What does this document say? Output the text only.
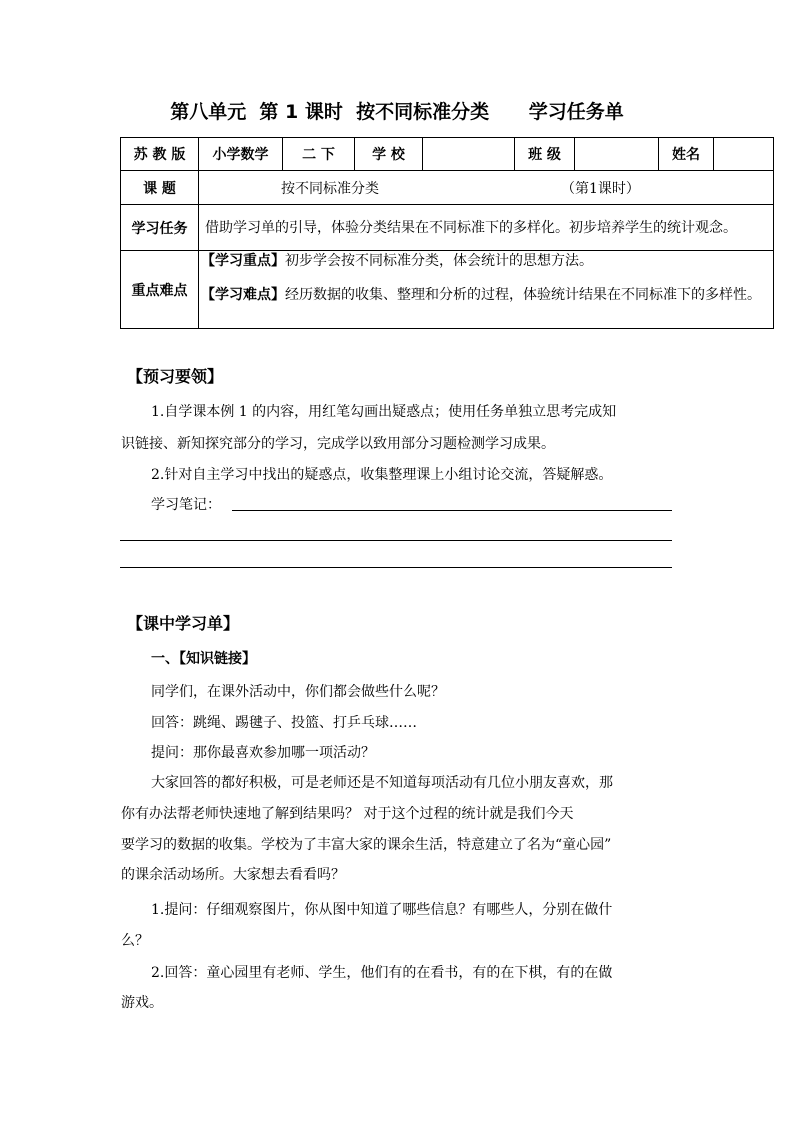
第八单元  第 1 课时  按不同标准分类      学习任务单
苏 教 版	小学数学	二 下	学 校		班 级		姓名	
课 题	按不同标准分类 （第1课时）							
学习任务	借助学习单的引导，体验分类结果在不同标准下的多样化。初步培养学生的统计观念。							
重点难点	【学习重点】初步学会按不同标准分类，体会统计的思想方法。
【学习难点】经历数据的收集、整理和分析的过程，体验统计结果在不同标准下的多样性。							
【预习要领】
1.自学课本例 1 的内容，用红笔勾画出疑惑点；使用任务单独立思考完成知
识链接、新知探究部分的学习，完成学以致用部分习题检测学习成果。
2.针对自主学习中找出的疑惑点，收集整理课上小组讨论交流，答疑解惑。
学习笔记：
【课中学习单】
一、【知识链接】
同学们，在课外活动中，你们都会做些什么呢？
回答：跳绳、踢毽子、投篮、打乒乓球……
提问：那你最喜欢参加哪一项活动？
大家回答的都好积极，可是老师还是不知道每项活动有几位小朋友喜欢，那
你有办法帮老师快速地了解到结果吗？ 对于这个过程的统计就是我们今天
要学习的数据的收集。学校为了丰富大家的课余生活，特意建立了名为“童心园”
的课余活动场所。大家想去看看吗？
1.提问：仔细观察图片，你从图中知道了哪些信息？有哪些人，分别在做什
么？
2.回答：童心园里有老师、学生，他们有的在看书，有的在下棋，有的在做
游戏。
